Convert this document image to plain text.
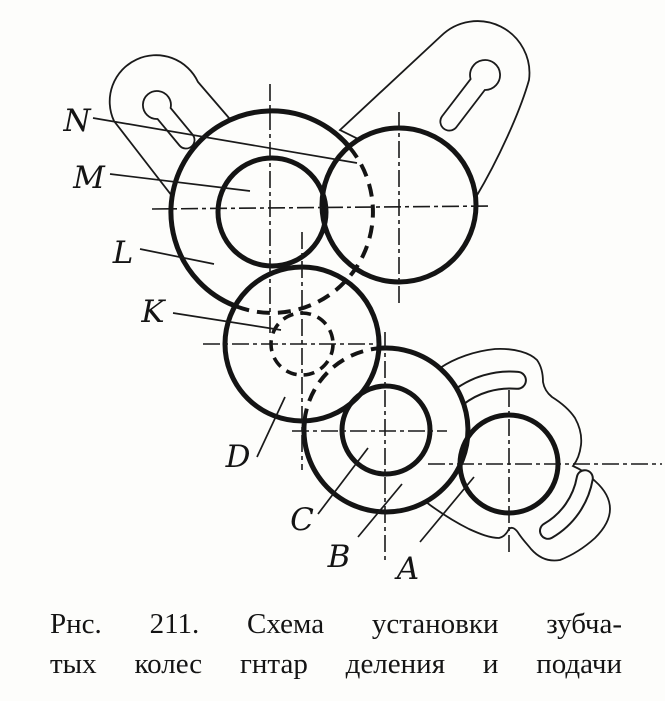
N
M
L
K
D
C
B A
Рнс. 211. Схема установки зубча-
тых колес гнтар деления и подачи
